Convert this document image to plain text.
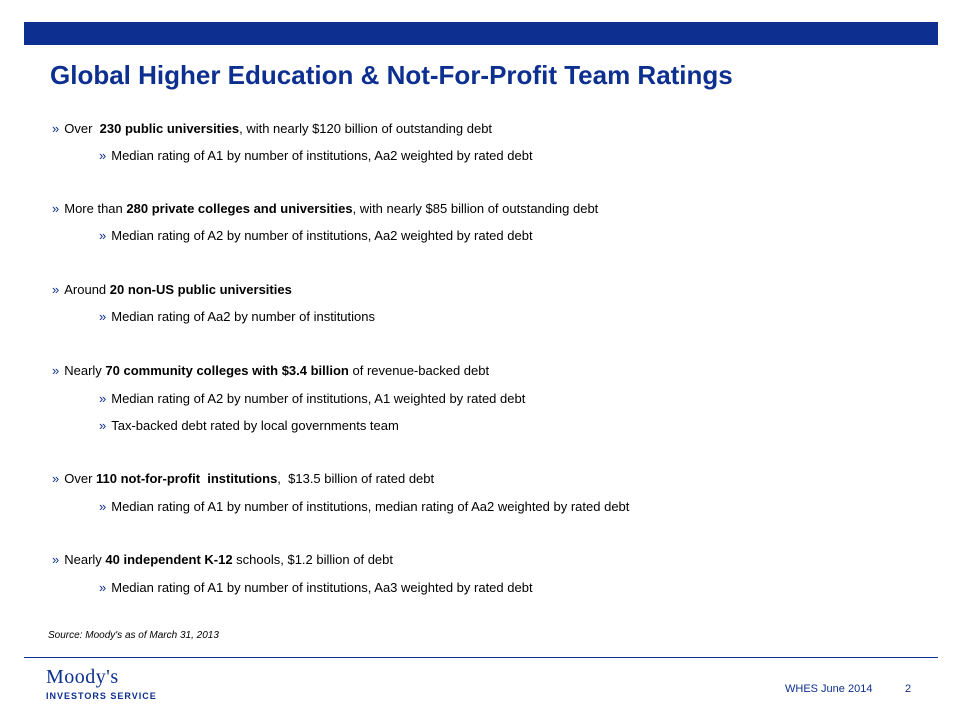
Global Higher Education & Not-For-Profit Team Ratings
» Over  230 public universities, with nearly $120 billion of outstanding debt
» Median rating of A1 by number of institutions, Aa2 weighted by rated debt
» More than 280 private colleges and universities, with nearly $85 billion of outstanding debt
» Median rating of A2 by number of institutions, Aa2 weighted by rated debt
» Around 20 non-US public universities
» Median rating of Aa2 by number of institutions
» Nearly 70 community colleges with $3.4 billion of revenue-backed debt
» Median rating of A2 by number of institutions, A1 weighted by rated debt
» Tax-backed debt rated by local governments team
» Over 110 not-for-profit  institutions,  $13.5 billion of rated debt
» Median rating of A1 by number of institutions, median rating of Aa2 weighted by rated debt
» Nearly 40 independent K-12 schools, $1.2 billion of debt
» Median rating of A1 by number of institutions, Aa3 weighted by rated debt
Source: Moody's as of March 31, 2013
Moody's
INVESTORS SERVICE
WHES June 2014	2
